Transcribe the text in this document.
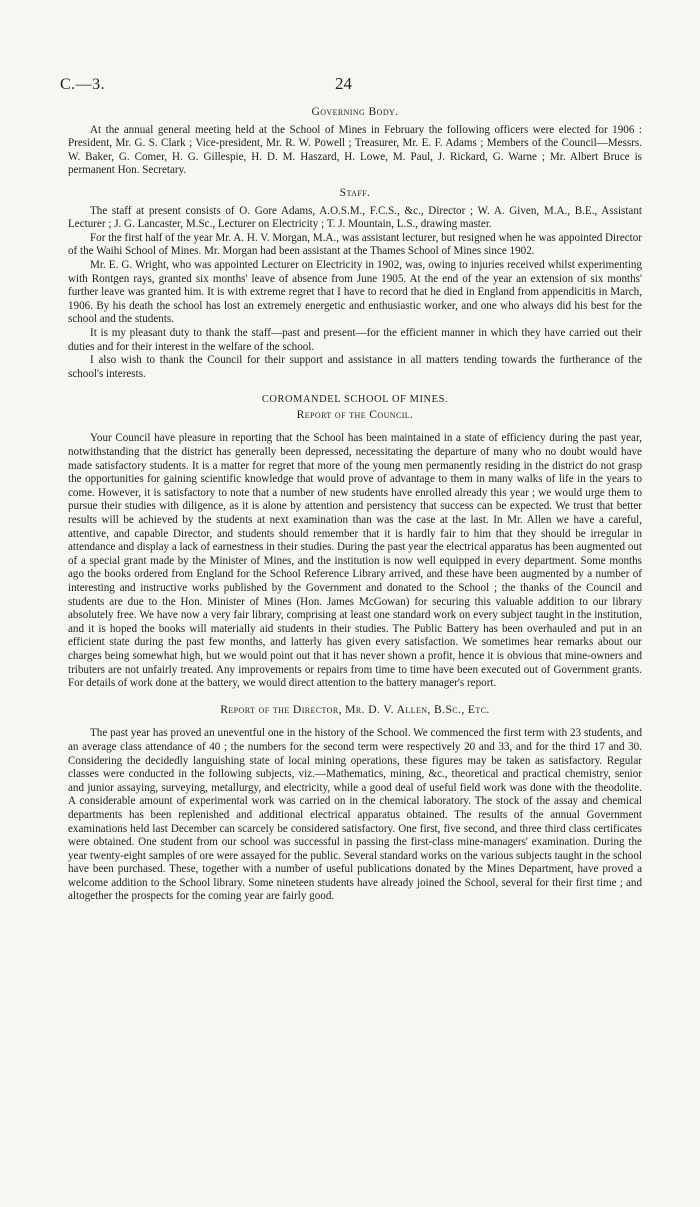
C.—3.	24
Governing Body.

At the annual general meeting held at the School of Mines in February the following officers were elected for 1906 : President, Mr. G. S. Clark ; Vice-president, Mr. R. W. Powell ; Treasurer, Mr. E. F. Adams ; Members of the Council—Messrs. W. Baker, G. Comer, H. G. Gillespie, H. D. M. Haszard, H. Lowe, M. Paul, J. Rickard, G. Warne ; Mr. Albert Bruce is permanent Hon. Secretary.

Staff.

The staff at present consists of O. Gore Adams, A.O.S.M., F.C.S., &c., Director ; W. A. Given, M.A., B.E., Assistant Lecturer ; J. G. Lancaster, M.Sc., Lecturer on Electricity ; T. J. Mountain, L.S., drawing master.

For the first half of the year Mr. A. H. V. Morgan, M.A., was assistant lecturer, but resigned when he was appointed Director of the Waihi School of Mines. Mr. Morgan had been assistant at the Thames School of Mines since 1902.

Mr. E. G. Wright, who was appointed Lecturer on Electricity in 1902, was, owing to injuries received whilst experimenting with Rontgen rays, granted six months' leave of absence from June 1905. At the end of the year an extension of six months' further leave was granted him. It is with extreme regret that I have to record that he died in England from appendicitis in March, 1906. By his death the school has lost an extremely energetic and enthusiastic worker, and one who always did his best for the school and the students.

It is my pleasant duty to thank the staff—past and present—for the efficient manner in which they have carried out their duties and for their interest in the welfare of the school.

I also wish to thank the Council for their support and assistance in all matters tending towards the furtherance of the school's interests.

COROMANDEL SCHOOL OF MINES.
Report of the Council.

Your Council have pleasure in reporting that the School has been maintained in a state of efficiency during the past year, notwithstanding that the district has generally been depressed, necessitating the departure of many who no doubt would have made satisfactory students. It is a matter for regret that more of the young men permanently residing in the district do not grasp the opportunities for gaining scientific knowledge that would prove of advantage to them in many walks of life in the years to come. However, it is satisfactory to note that a number of new students have enrolled already this year ; we would urge them to pursue their studies with diligence, as it is alone by attention and persistency that success can be expected. We trust that better results will be achieved by the students at next examination than was the case at the last. In Mr. Allen we have a careful, attentive, and capable Director, and students should remember that it is hardly fair to him that they should be irregular in attendance and display a lack of earnestness in their studies. During the past year the electrical apparatus has been augmented out of a special grant made by the Minister of Mines, and the institution is now well equipped in every department. Some months ago the books ordered from England for the School Reference Library arrived, and these have been augmented by a number of interesting and instructive works published by the Government and donated to the School ; the thanks of the Council and students are due to the Hon. Minister of Mines (Hon. James McGowan) for securing this valuable addition to our library absolutely free. We have now a very fair library, comprising at least one standard work on every subject taught in the institution, and it is hoped the books will materially aid students in their studies. The Public Battery has been overhauled and put in an efficient state during the past few months, and latterly has given every satisfaction. We sometimes hear remarks about our charges being somewhat high, but we would point out that it has never shown a profit, hence it is obvious that mine-owners and tributers are not unfairly treated. Any improvements or repairs from time to time have been executed out of Government grants. For details of work done at the battery, we would direct attention to the battery manager's report.

Report of the Director, Mr. D. V. Allen, B.Sc., Etc.

The past year has proved an uneventful one in the history of the School. We commenced the first term with 23 students, and an average class attendance of 40 ; the numbers for the second term were respectively 20 and 33, and for the third 17 and 30. Considering the decidedly languishing state of local mining operations, these figures may be taken as satisfactory. Regular classes were conducted in the following subjects, viz.—Mathematics, mining, &c., theoretical and practical chemistry, senior and junior assaying, surveying, metallurgy, and electricity, while a good deal of useful field work was done with the theodolite. A considerable amount of experimental work was carried on in the chemical laboratory. The stock of the assay and chemical departments has been replenished and additional electrical apparatus obtained. The results of the annual Government examinations held last December can scarcely be considered satisfactory. One first, five second, and three third class certificates were obtained. One student from our school was successful in passing the first-class mine-managers' examination. During the year twenty-eight samples of ore were assayed for the public. Several standard works on the various subjects taught in the school have been purchased. These, together with a number of useful publications donated by the Mines Department, have proved a welcome addition to the School library. Some nineteen students have already joined the School, several for their first time ; and altogether the prospects for the coming year are fairly good.
